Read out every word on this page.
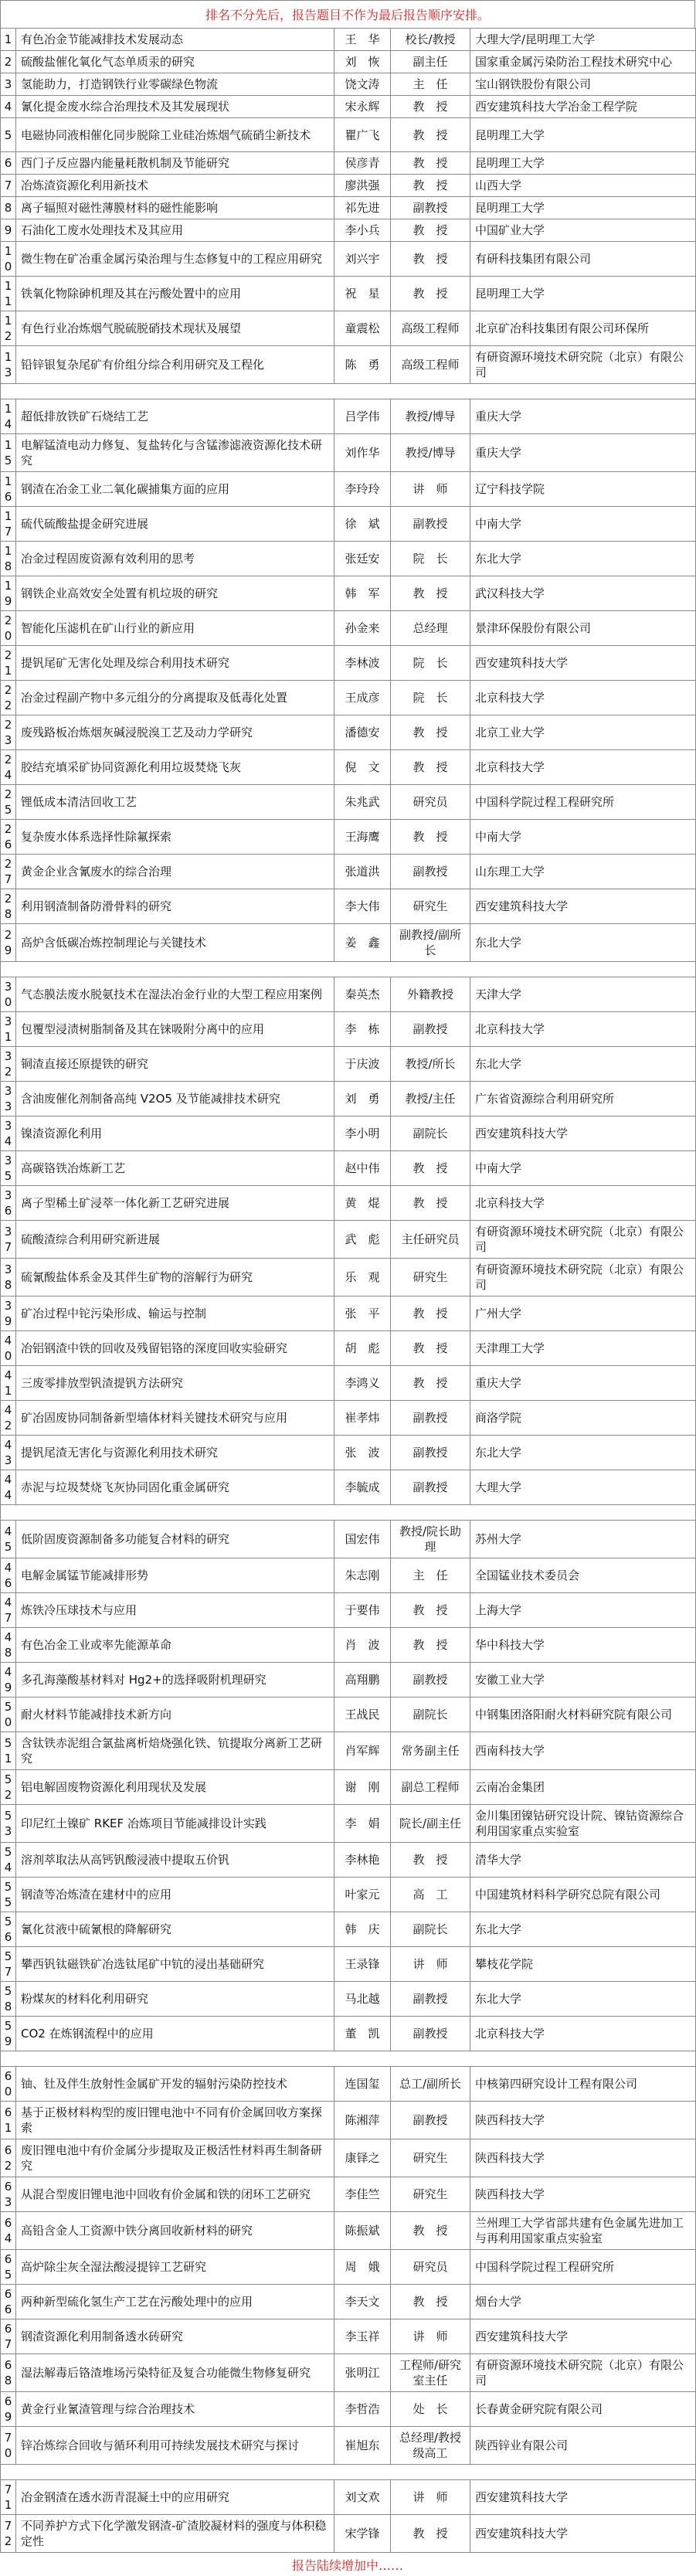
排名不分先后，报告题目不作为最后报告顺序安排。
1	有色冶金节能减排技术发展动态	王　华	校长/教授	大理大学/昆明理工大学
2	硫酸盐催化氧化气态单质汞的研究	刘　恢	副主任	国家重金属污染防治工程技术研究中心
3	氢能助力，打造钢铁行业零碳绿色物流	饶文涛	主　任	宝山钢铁股份有限公司
4	氰化提金废水综合治理技术及其发展现状	宋永辉	教　授	西安建筑科技大学冶金工程学院
5	电磁协同液相催化同步脱除工业硅冶炼烟气硫硝尘新技术	瞿广飞	教　授	昆明理工大学
6	西门子反应器内能量耗散机制及节能研究	侯彦青	教　授	昆明理工大学
7	冶炼渣资源化利用新技术	廖洪强	教　授	山西大学
8	离子辐照对磁性薄膜材料的磁性能影响	祁先进	副教授	昆明理工大学
9	石油化工废水处理技术及其应用	李小兵	教　授	中国矿业大学
10	微生物在矿冶重金属污染治理与生态修复中的工程应用研究	刘兴宇	教　授	有研科技集团有限公司
11	铁氧化物除砷机理及其在污酸处置中的应用	祝　星	教　授	昆明理工大学
12	有色行业冶炼烟气脱硫脱硝技术现状及展望	童震松	高级工程师	北京矿冶科技集团有限公司环保所
13	铅锌银复杂尾矿有价组分综合利用研究及工程化	陈　勇	高级工程师	有研资源环境技术研究院（北京）有限公司

14	超低排放铁矿石烧结工艺	吕学伟	教授/博导	重庆大学
15	电解锰渣电动力修复、复盐转化与含锰渗滤液资源化技术研究	刘作华	教授/博导	重庆大学
16	钢渣在冶金工业二氧化碳捕集方面的应用	李玲玲	讲　师	辽宁科技学院
17	硫代硫酸盐提金研究进展	徐　斌	副教授	中南大学
18	冶金过程固废资源有效利用的思考	张廷安	院　长	东北大学
19	钢铁企业高效安全处置有机垃圾的研究	韩　军	教　授	武汉科技大学
20	智能化压滤机在矿山行业的新应用	孙金来	总经理	景津环保股份有限公司
21	提钒尾矿无害化处理及综合利用技术研究	李林波	院　长	西安建筑科技大学
22	冶金过程副产物中多元组分的分离提取及低毒化处置	王成彦	院　长	北京科技大学
23	废残路板冶炼烟灰碱浸脱溴工艺及动力学研究	潘德安	教　授	北京工业大学
24	胶结充填采矿协同资源化利用垃圾焚烧飞灰	倪　文	教　授	北京科技大学
25	锂低成本清洁回收工艺	朱兆武	研究员	中国科学院过程工程研究所
26	复杂废水体系选择性除氟探索	王海鹰	教　授	中南大学
27	黄金企业含氰废水的综合治理	张道洪	副教授	山东理工大学
28	利用钢渣制备防滑骨料的研究	李大伟	研究生	西安建筑科技大学
29	高炉含低碳冶炼控制理论与关键技术	姜　鑫	副教授/副所长	东北大学

30	气态膜法废水脱氨技术在湿法冶金行业的大型工程应用案例	秦英杰	外籍教授	天津大学
31	包覆型浸渍树脂制备及其在铼吸附分离中的应用	李　栋	副教授	北京科技大学
32	铜渣直接还原提铁的研究	于庆波	教授/所长	东北大学
33	含油废催化剂制备高纯 V2O5 及节能减排技术研究	刘　勇	教授/主任	广东省资源综合利用研究所
34	镍渣资源化利用	李小明	副院长	西安建筑科技大学
35	高碳铬铁冶炼新工艺	赵中伟	教　授	中南大学
36	离子型稀土矿浸萃一体化新工艺研究进展	黄　焜	教　授	北京科技大学
37	硫酸渣综合利用研究新进展	武　彪	主任研究员	有研资源环境技术研究院（北京）有限公司
38	硫氰酸盐体系金及其伴生矿物的溶解行为研究	乐　观	研究生	有研资源环境技术研究院（北京）有限公司
39	矿冶过程中铊污染形成、输运与控制	张　平	教　授	广州大学
40	冶铝钢渣中铁的回收及残留铝铬的深度回收实验研究	胡　彪	教　授	天津理工大学
41	三废零排放型钒渣提钒方法研究	李鸿义	教　授	重庆大学
42	矿冶固废协同制备新型墙体材料关键技术研究与应用	崔孝炜	副教授	商洛学院
43	提钒尾渣无害化与资源化利用技术研究	张　波	副教授	东北大学
44	赤泥与垃圾焚烧飞灰协同固化重金属研究	李毓成	副教授	大理大学

45	低阶固废资源制备多功能复合材料的研究	国宏伟	教授/院长助理	苏州大学
46	电解金属锰节能减排形势	朱志刚	主　任	全国锰业技术委员会
47	炼铁冷压球技术与应用	于要伟	教　授	上海大学
48	有色冶金工业或率先能源革命	肖　波	教　授	华中科技大学
49	多孔海藻酸基材料对 Hg2+的选择吸附机理研究	高翔鹏	副教授	安徽工业大学
50	耐火材料节能减排技术新方向	王战民	副院长	中钢集团洛阳耐火材料研究院有限公司
51	含钛铁赤泥组合氯盐离析焙烧强化铁、钪提取分离新工艺研究	肖军辉	常务副主任	西南科技大学
52	铝电解固废物资源化利用现状及发展	谢　刚	副总工程师	云南冶金集团
53	印尼红土镍矿 RKEF 冶炼项目节能减排设计实践	李　娟	院长/副主任	金川集团镍钴研究设计院、镍钴资源综合利用国家重点实验室
54	溶剂萃取法从高钙钒酸浸液中提取五价钒	李林艳	教　授	清华大学
55	钢渣等冶炼渣在建材中的应用	叶家元	高　工	中国建筑材料科学研究总院有限公司
56	氰化贫液中硫氰根的降解研究	韩　庆	副院长	东北大学
57	攀西钒钛磁铁矿冶选钛尾矿中钪的浸出基础研究	王录锋	讲　师	攀枝花学院
58	粉煤灰的材料化利用研究	马北越	副教授	东北大学
59	CO2 在炼钢流程中的应用	董　凯	副教授	北京科技大学

60	铀、钍及伴生放射性金属矿开发的辐射污染防控技术	连国玺	总工/副所长	中核第四研究设计工程有限公司
61	基于正极材料构型的废旧锂电池中不同有价金属回收方案探索	陈湘萍	副教授	陕西科技大学
62	废旧锂电池中有价金属分步提取及正极活性材料再生制备研究	康铎之	研究生	陕西科技大学
63	从混合型废旧锂电池中回收有价金属和铁的闭环工艺研究	李佳竺	研究生	陕西科技大学
64	高铅含金人工资源中铁分离回收新材料的研究	陈振斌	教　授	兰州理工大学省部共建有色金属先进加工与再利用国家重点实验室
65	高炉除尘灰全湿法酸浸提锌工艺研究	周　娥	研究员	中国科学院过程工程研究所
66	两种新型硫化氢生产工艺在污酸处理中的应用	李天文	教　授	烟台大学
67	钢渣资源化利用制备透水砖研究	李玉祥	讲　师	西安建筑科技大学
68	湿法解毒后铬渣堆场污染特征及复合功能微生物修复研究	张明江	工程师/研究室主任	有研资源环境技术研究院（北京）有限公司
69	黄金行业氰渣管理与综合治理技术	李哲浩	处　长	长春黄金研究院有限公司
70	锌冶炼综合回收与循环利用可持续发展技术研究与探讨	崔旭东	总经理/教授级高工	陕西锌业有限公司

71	冶金钢渣在透水沥青混凝土中的应用研究	刘文欢	讲　师	西安建筑科技大学
72	不同养护方式下化学激发钢渣-矿渣胶凝材料的强度与体积稳定性	宋学锋	教　授	西安建筑科技大学
报告陆续增加中……
